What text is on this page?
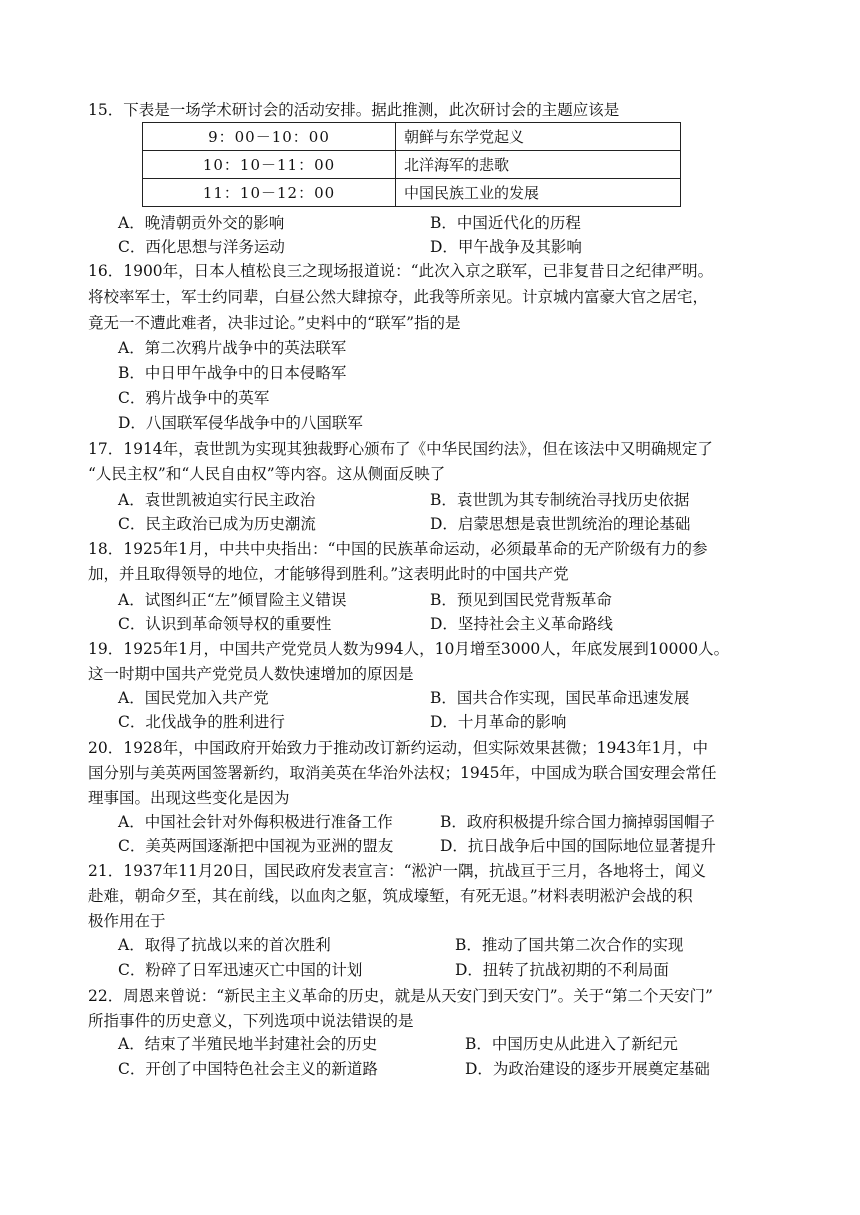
15．下表是一场学术研讨会的活动安排。据此推测，此次研讨会的主题应该是
9：00－10：00	朝鲜与东学党起义
10：10－11：00	北洋海军的悲歌
11：10－12：00	中国民族工业的发展
A．晚清朝贡外交的影响	B．中国近代化的历程
C．西化思想与洋务运动	D．甲午战争及其影响
16．1900年，日本人植松良三之现场报道说：“此次入京之联军，已非复昔日之纪律严明。
将校率军士，军士约同辈，白昼公然大肆掠夺，此我等所亲见。计京城内富豪大官之居宅，
竟无一不遭此难者，决非过论。”史料中的“联军”指的是
A．第二次鸦片战争中的英法联军
B．中日甲午战争中的日本侵略军
C．鸦片战争中的英军
D．八国联军侵华战争中的八国联军
17．1914年，袁世凯为实现其独裁野心颁布了《中华民国约法》，但在该法中又明确规定了
“人民主权”和“人民自由权”等内容。这从侧面反映了
A．袁世凯被迫实行民主政治	B．袁世凯为其专制统治寻找历史依据
C．民主政治已成为历史潮流	D．启蒙思想是袁世凯统治的理论基础
18．1925年1月，中共中央指出：“中国的民族革命运动，必须最革命的无产阶级有力的参
加，并且取得领导的地位，才能够得到胜利。”这表明此时的中国共产党
A．试图纠正“左”倾冒险主义错误	B．预见到国民党背叛革命
C．认识到革命领导权的重要性	D．坚持社会主义革命路线
19．1925年1月，中国共产党党员人数为994人，10月增至3000人，年底发展到10000人。
这一时期中国共产党党员人数快速增加的原因是
A．国民党加入共产党	B．国共合作实现，国民革命迅速发展
C．北伐战争的胜利进行	D．十月革命的影响
20．1928年，中国政府开始致力于推动改订新约运动，但实际效果甚微；1943年1月，中
国分别与美英两国签署新约，取消美英在华治外法权；1945年，中国成为联合国安理会常任
理事国。出现这些变化是因为
A．中国社会针对外侮积极进行准备工作	B．政府积极提升综合国力摘掉弱国帽子
C．美英两国逐渐把中国视为亚洲的盟友	D．抗日战争后中国的国际地位显著提升
21．1937年11月20日，国民政府发表宣言：“淞沪一隅，抗战亘于三月，各地将士，闻义
赴难，朝命夕至，其在前线，以血肉之躯，筑成壕堑，有死无退。”材料表明淞沪会战的积
极作用在于
A．取得了抗战以来的首次胜利	B．推动了国共第二次合作的实现
C．粉碎了日军迅速灭亡中国的计划	D．扭转了抗战初期的不利局面
22．周恩来曾说：“新民主主义革命的历史，就是从天安门到天安门”。关于“第二个天安门”
所指事件的历史意义，下列选项中说法错误的是
A．结束了半殖民地半封建社会的历史	B．中国历史从此进入了新纪元
C．开创了中国特色社会主义的新道路	D．为政治建设的逐步开展奠定基础
